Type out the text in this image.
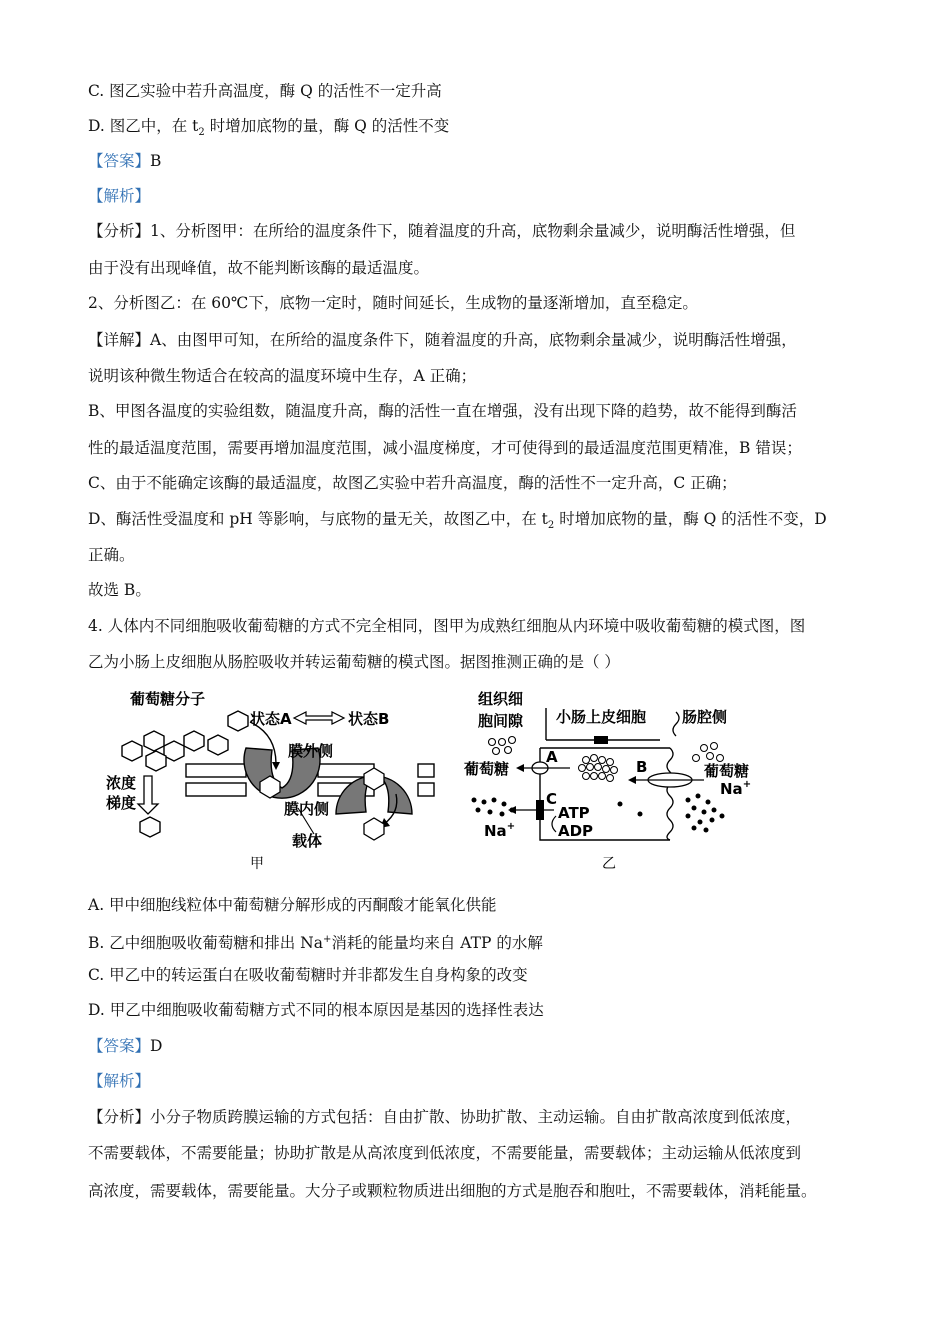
C. 图乙实验中若升高温度，酶 Q 的活性不一定升高
D. 图乙中，在 $t_2$ 时增加底物的量，酶 Q 的活性不变
【答案】B
【解析】
【分析】1、分析图甲：在所给的温度条件下，随着温度的升高，底物剩余量减少，说明酶活性增强，但
由于没有出现峰值，故不能判断该酶的最适温度。
2、分析图乙：在 60℃下，底物一定时，随时间延长，生成物的量逐渐增加，直至稳定。
【详解】A、由图甲可知，在所给的温度条件下，随着温度的升高，底物剩余量减少，说明酶活性增强，
说明该种微生物适合在较高的温度环境中生存，A 正确；
B、甲图各温度的实验组数，随温度升高，酶的活性一直在增强，没有出现下降的趋势，故不能得到酶活
性的最适温度范围，需要再增加温度范围，减小温度梯度，才可使得到的最适温度范围更精准，B 错误；
C、由于不能确定该酶的最适温度，故图乙实验中若升高温度，酶的活性不一定升高，C 正确；
D、酶活性受温度和 pH 等影响，与底物的量无关，故图乙中，在 $t_2$ 时增加底物的量，酶 Q 的活性不变，D
正确。
故选 B。
4. 人体内不同细胞吸收葡萄糖的方式不完全相同，图甲为成熟红细胞从内环境中吸收葡萄糖的模式图，图
乙为小肠上皮细胞从肠腔吸收并转运葡萄糖的模式图。据图推测正确的是（ ）
葡萄糖分子
浓度
梯度
状态A	状态B
膜外侧
膜内侧
载体
甲
组织细
胞间隙 小肠上皮细胞 肠腔侧
A
葡萄糖	B	葡萄糖
Na+
C
ATP
ADP
Na+
乙
A. 甲中细胞线粒体中葡萄糖分解形成的丙酮酸才能氧化供能
B. 乙中细胞吸收葡萄糖和排出 Na+消耗的能量均来自 ATP 的水解
C. 甲乙中的转运蛋白在吸收葡萄糖时并非都发生自身构象的改变
D. 甲乙中细胞吸收葡萄糖方式不同的根本原因是基因的选择性表达
【答案】D
【解析】
【分析】小分子物质跨膜运输的方式包括：自由扩散、协助扩散、主动运输。自由扩散高浓度到低浓度，
不需要载体，不需要能量；协助扩散是从高浓度到低浓度，不需要能量，需要载体；主动运输从低浓度到
高浓度，需要载体，需要能量。大分子或颗粒物质进出细胞的方式是胞吞和胞吐，不需要载体，消耗能量。
